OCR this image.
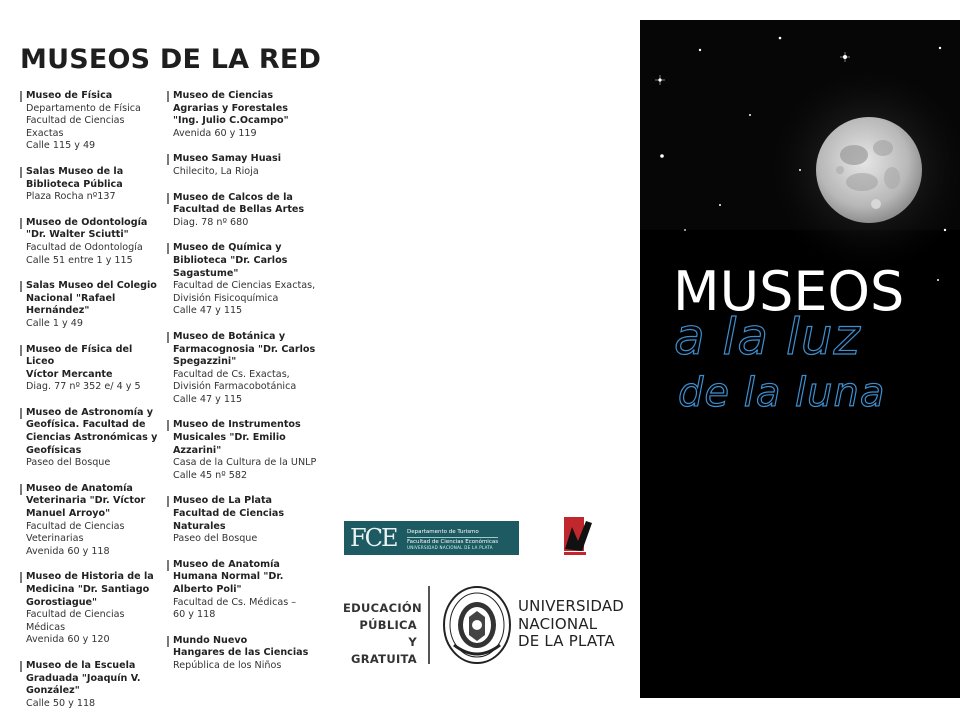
MUSEOS DE LA RED
Museo de Física
Departamento de Física
Facultad de Ciencias Exactas
Calle 115 y 49
Salas Museo de la
Biblioteca Pública
Plaza Rocha nº137
Museo de Odontología
"Dr. Walter Sciutti"
Facultad de Odontología
Calle 51 entre 1 y 115
Salas Museo del Colegio
Nacional "Rafael Hernández"
Calle 1 y 49
Museo de Física del Liceo
Víctor Mercante
Diag. 77 nº 352 e/ 4 y 5
Museo de Astronomía y
Geofísica. Facultad de
Ciencias Astronómicas y
Geofísicas
Paseo del Bosque
Museo de Anatomía
Veterinaria "Dr. Víctor
Manuel Arroyo"
Facultad de Ciencias
Veterinarias
Avenida 60 y 118
Museo de Historia de la
Medicina "Dr. Santiago
Gorostiague"
Facultad de Ciencias
Médicas
Avenida 60 y 120
Museo de la Escuela
Graduada "Joaquín V.
González"
Calle 50 y 118
Museo de Ciencias
Agrarias y Forestales
"Ing. Julio C.Ocampo"
Avenida 60 y 119
Museo Samay Huasi
Chilecito, La Rioja
Museo de Calcos de la
Facultad de Bellas Artes
Diag. 78 nº 680
Museo de Química y
Biblioteca "Dr. Carlos
Sagastume"
Facultad de Ciencias Exactas,
División Fisicoquímica
Calle 47 y 115
Museo de Botánica y
Farmacognosia "Dr. Carlos
Spegazzini"
Facultad de Cs. Exactas,
División Farmacobotánica
Calle 47 y 115
Museo de Instrumentos
Musicales "Dr. Emilio
Azzarini"
Casa de la Cultura de la UNLP
Calle 45 nº 582
Museo de La Plata
Facultad de Ciencias
Naturales
Paseo del Bosque
Museo de Anatomía
Humana Normal "Dr.
Alberto Poli"
Facultad de Cs. Médicas –
60 y 118
Mundo Nuevo
Hangares de las Ciencias
República de los Niños
FCE Departamento de Turismo
Facultad de Ciencias Económicas
UNIVERSIDAD NACIONAL DE LA PLATA
EDUCACIÓN
PÚBLICA
Y GRATUITA
UNIVERSIDAD
NACIONAL
DE LA PLATA
MUSEOS
a la luz
de la luna
